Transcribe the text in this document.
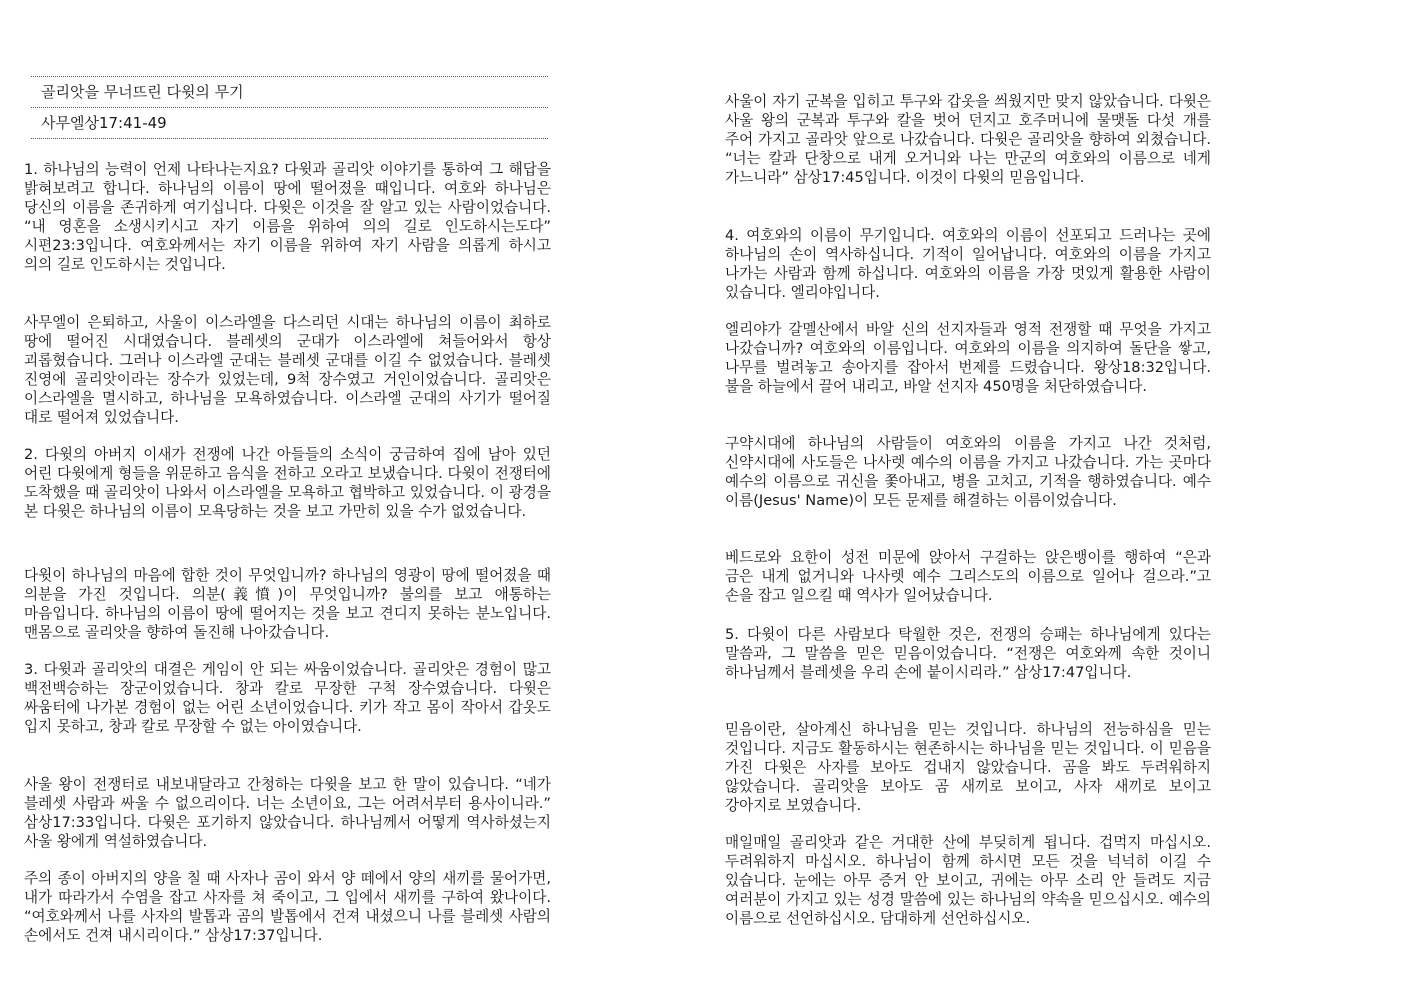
골리앗을 무너뜨린 다윗의 무기
사무엘상17:41-49

1. 하나님의 능력이 언제 나타나는지요? 다윗과 골리앗 이야기를 통하여 그 해답을 밝혀보려고 합니다. 하나님의 이름이 땅에 떨어졌을 때입니다. 여호와 하나님은 당신의 이름을 존귀하게 여기십니다. 다윗은 이것을 잘 알고 있는 사람이었습니다. “내 영혼을 소생시키시고 자기 이름을 위하여 의의 길로 인도하시는도다” 시편23:3입니다. 여호와께서는 자기 이름을 위하여 자기 사람을 의롭게 하시고 의의 길로 인도하시는 것입니다.

사무엘이 은퇴하고, 사울이 이스라엘을 다스리던 시대는 하나님의 이름이 최하로 땅에 떨어진 시대였습니다. 블레셋의 군대가 이스라엘에 쳐들어와서 항상 괴롭혔습니다. 그러나 이스라엘 군대는 블레셋 군대를 이길 수 없었습니다. 블레셋 진영에 골리앗이라는 장수가 있었는데, 9척 장수였고 거인이었습니다. 골리앗은 이스라엘을 멸시하고, 하나님을 모욕하였습니다. 이스라엘 군대의 사기가 떨어질 대로 떨어져 있었습니다.

2. 다윗의 아버지 이새가 전쟁에 나간 아들들의 소식이 궁금하여 집에 남아 있던 어린 다윗에게 형들을 위문하고 음식을 전하고 오라고 보냈습니다. 다윗이 전쟁터에 도착했을 때 골리앗이 나와서 이스라엘을 모욕하고 협박하고 있었습니다. 이 광경을 본 다윗은 하나님의 이름이 모욕당하는 것을 보고 가만히 있을 수가 없었습니다.

다윗이 하나님의 마음에 합한 것이 무엇입니까? 하나님의 영광이 땅에 떨어졌을 때 의분을 가진 것입니다. 의분(義憤)이 무엇입니까? 불의를 보고 애통하는 마음입니다. 하나님의 이름이 땅에 떨어지는 것을 보고 견디지 못하는 분노입니다. 맨몸으로 골리앗을 향하여 돌진해 나아갔습니다.

3. 다윗과 골리앗의 대결은 게임이 안 되는 싸움이었습니다. 골리앗은 경험이 많고 백전백승하는 장군이었습니다. 창과 칼로 무장한 구척 장수였습니다. 다윗은 싸움터에 나가본 경험이 없는 어린 소년이었습니다. 키가 작고 몸이 작아서 갑옷도 입지 못하고, 창과 칼로 무장할 수 없는 아이였습니다.

사울 왕이 전쟁터로 내보내달라고 간청하는 다윗을 보고 한 말이 있습니다. “네가 블레셋 사람과 싸울 수 없으리이다. 너는 소년이요, 그는 어려서부터 용사이니라.” 삼상17:33입니다. 다윗은 포기하지 않았습니다. 하나님께서 어떻게 역사하셨는지 사울 왕에게 역설하였습니다.

주의 종이 아버지의 양을 칠 때 사자나 곰이 와서 양 떼에서 양의 새끼를 물어가면, 내가 따라가서 수염을 잡고 사자를 쳐 죽이고, 그 입에서 새끼를 구하여 왔나이다. “여호와께서 나를 사자의 발톱과 곰의 발톱에서 건져 내셨으니 나를 블레셋 사람의 손에서도 건져 내시리이다.” 삼상17:37입니다.

사울이 자기 군복을 입히고 투구와 갑옷을 씌웠지만 맞지 않았습니다. 다윗은 사울 왕의 군복과 투구와 칼을 벗어 던지고 호주머니에 물맷돌 다섯 개를 주어 가지고 골라앗 앞으로 나갔습니다. 다윗은 골리앗을 향하여 외쳤습니다. “너는 칼과 단창으로 내게 오거니와 나는 만군의 여호와의 이름으로 네게 가느니라” 삼상17:45입니다. 이것이 다윗의 믿음입니다.

4. 여호와의 이름이 무기입니다. 여호와의 이름이 선포되고 드러나는 곳에 하나님의 손이 역사하십니다. 기적이 일어납니다. 여호와의 이름을 가지고 나가는 사람과 함께 하십니다. 여호와의 이름을 가장 멋있게 활용한 사람이 있습니다. 엘리야입니다.

엘리야가 갈멜산에서 바알 신의 선지자들과 영적 전쟁할 때 무엇을 가지고 나갔습니까? 여호와의 이름입니다. 여호와의 이름을 의지하여 돌단을 쌓고, 나무를 벌려놓고 송아지를 잡아서 번제를 드렸습니다. 왕상18:32입니다. 불을 하늘에서 끌어 내리고, 바알 선지자 450명을 처단하였습니다.

구약시대에 하나님의 사람들이 여호와의 이름을 가지고 나간 것처럼, 신약시대에 사도들은 나사렛 예수의 이름을 가지고 나갔습니다. 가는 곳마다 예수의 이름으로 귀신을 쫓아내고, 병을 고치고, 기적을 행하였습니다. 예수 이름(Jesus' Name)이 모든 문제를 해결하는 이름이었습니다.

베드로와 요한이 성전 미문에 앉아서 구걸하는 앉은뱅이를 행하여 “은과 금은 내게 없거니와 나사렛 예수 그리스도의 이름으로 일어나 걸으라.”고 손을 잡고 일으킬 때 역사가 일어났습니다.

5. 다윗이 다른 사람보다 탁월한 것은, 전쟁의 승패는 하나님에게 있다는 말씀과, 그 말씀을 믿은 믿음이었습니다. “전쟁은 여호와께 속한 것이니 하나님께서 블레셋을 우리 손에 붙이시리라.” 삼상17:47입니다.

믿음이란, 살아계신 하나님을 믿는 것입니다. 하나님의 전능하심을 믿는 것입니다. 지금도 활동하시는 현존하시는 하나님을 믿는 것입니다. 이 믿음을 가진 다윗은 사자를 보아도 겁내지 않았습니다. 곰을 봐도 두려워하지 않았습니다. 골리앗을 보아도 곰 새끼로 보이고, 사자 새끼로 보이고 강아지로 보였습니다.

매일매일 골리앗과 같은 거대한 산에 부딪히게 됩니다. 겁먹지 마십시오. 두려워하지 마십시오. 하나님이 함께 하시면 모든 것을 넉넉히 이길 수 있습니다. 눈에는 아무 증거 안 보이고, 귀에는 아무 소리 안 들려도 지금 여러분이 가지고 있는 성경 말씀에 있는 하나님의 약속을 믿으십시오. 예수의 이름으로 선언하십시오. 담대하게 선언하십시오.
